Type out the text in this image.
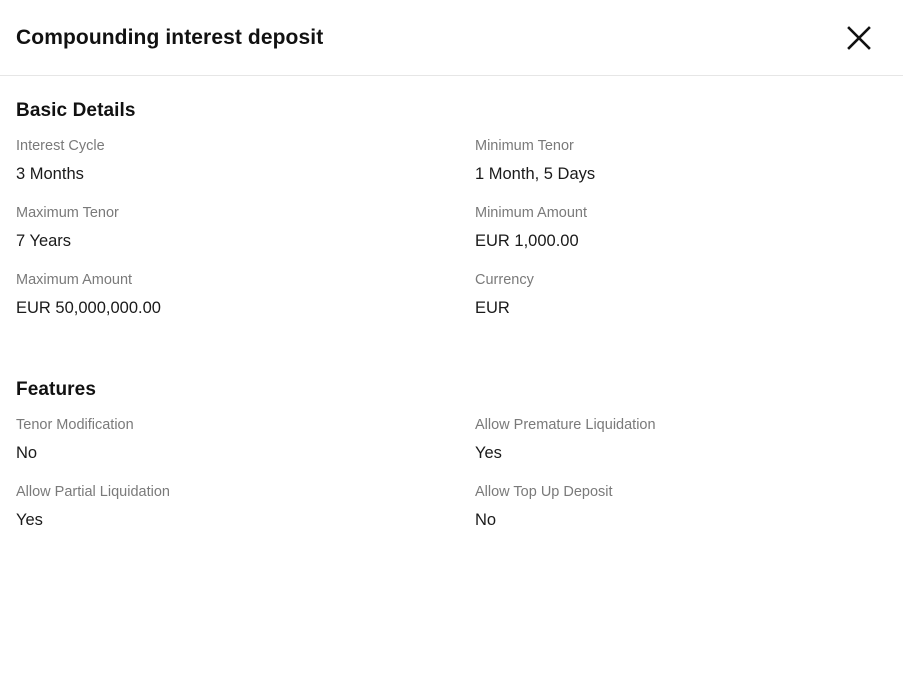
Compounding interest deposit
Basic Details
Interest Cycle
3 Months
Minimum Tenor
1 Month, 5 Days
Maximum Tenor
7 Years
Minimum Amount
EUR 1,000.00
Maximum Amount
EUR 50,000,000.00
Currency
EUR
Features
Tenor Modification
No
Allow Premature Liquidation
Yes
Allow Partial Liquidation
Yes
Allow Top Up Deposit
No
